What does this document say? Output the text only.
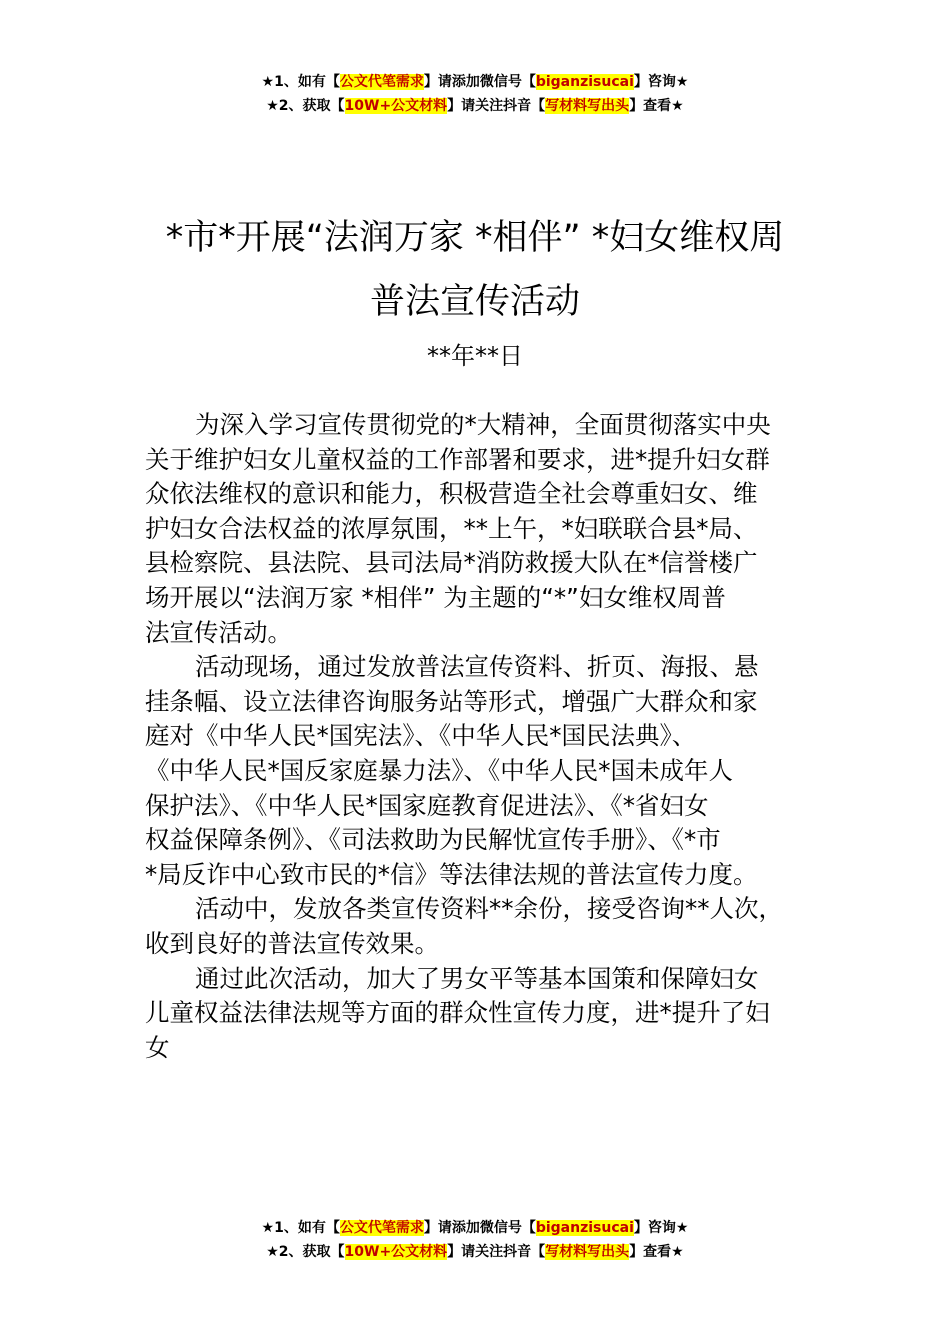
★1、如有【公文代笔需求】请添加微信号【biganzisucai】咨询★
★2、获取【10W+公文材料】请关注抖音【写材料写出头】查看★
*市*开展“法润万家 *相伴” *妇女维权周
普法宣传活动
**年**日
为深入学习宣传贯彻党的*大精神，全面贯彻落实中央
关于维护妇女儿童权益的工作部署和要求，进*提升妇女群
众依法维权的意识和能力，积极营造全社会尊重妇女、维
护妇女合法权益的浓厚氛围，**上午，*妇联联合县*局、
县检察院、县法院、县司法局*消防救援大队在*信誉楼广
场开展以“法润万家 *相伴” 为主题的“*”妇女维权周普
法宣传活动。
活动现场，通过发放普法宣传资料、折页、海报、悬
挂条幅、设立法律咨询服务站等形式，增强广大群众和家
庭对《中华人民*国宪法》、《中华人民*国民法典》、
《中华人民*国反家庭暴力法》、《中华人民*国未成年人
保护法》、《中华人民*国家庭教育促进法》、《*省妇女
权益保障条例》、《司法救助为民解忧宣传手册》、《*市
*局反诈中心致市民的*信》等法律法规的普法宣传力度。
活动中，发放各类宣传资料**余份，接受咨询**人次，
收到良好的普法宣传效果。
通过此次活动，加大了男女平等基本国策和保障妇女
儿童权益法律法规等方面的群众性宣传力度，进*提升了妇
女
★1、如有【公文代笔需求】请添加微信号【biganzisucai】咨询★
★2、获取【10W+公文材料】请关注抖音【写材料写出头】查看★
